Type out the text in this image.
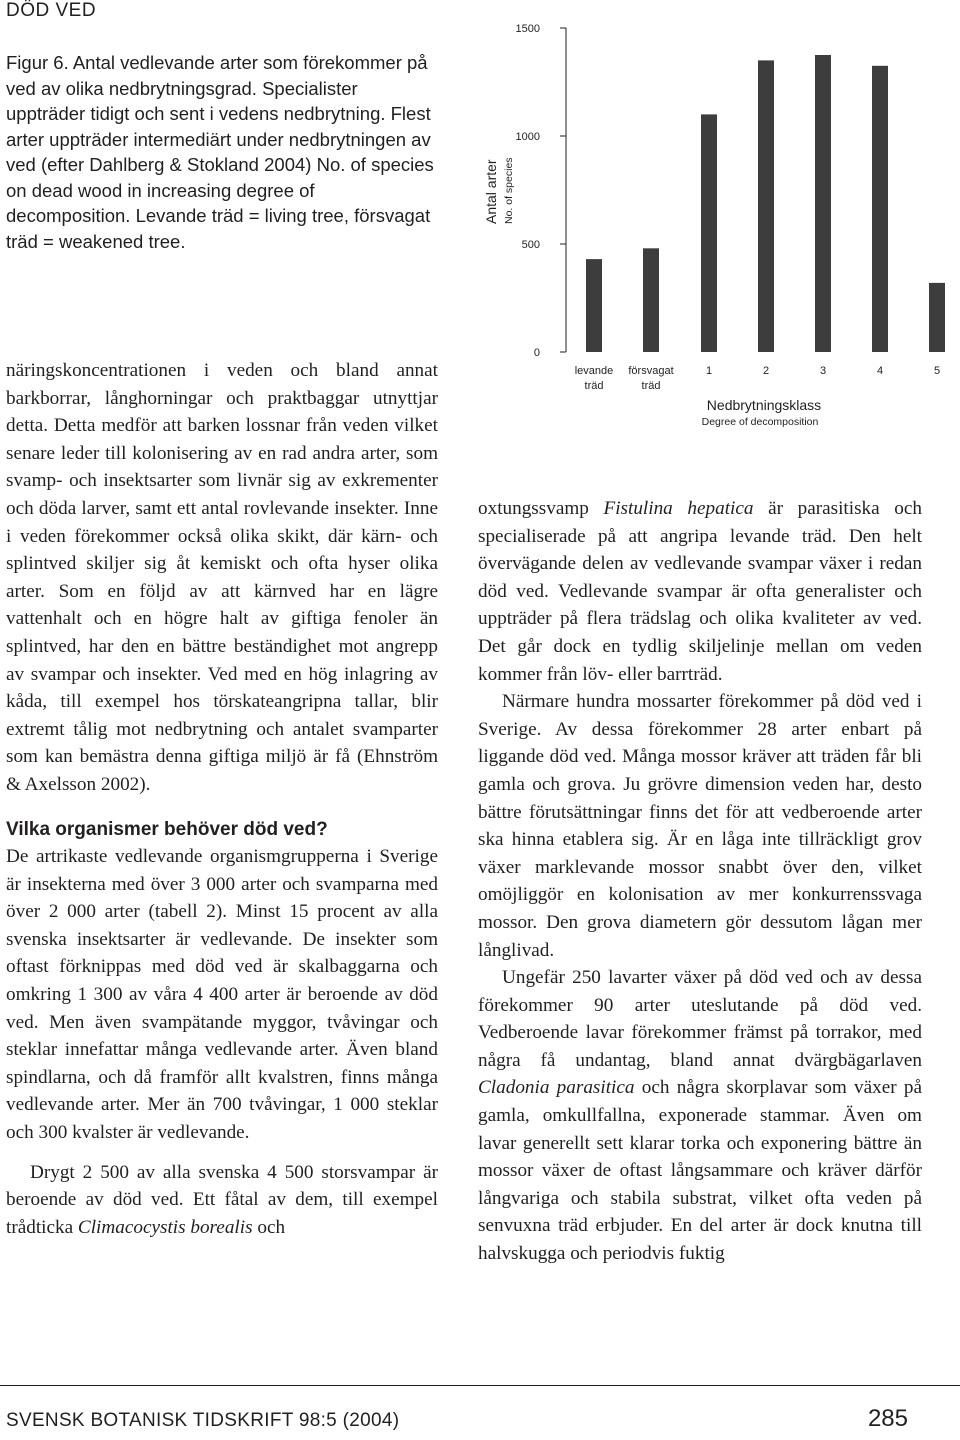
DÖD VED
Figur 6. Antal vedlevande arter som förekommer på ved av olika nedbrytningsgrad. Specialister uppträder tidigt och sent i vedens nedbrytning. Flest arter uppträder intermediärt under nedbrytningen av ved (efter Dahlberg & Stokland 2004) No. of species on dead wood in increasing degree of decomposition. Levande träd = living tree, försvagat träd = weakened tree.
0
500
1000
1500
Antal arter No. of species
levande
träd
försvagat
träd
1	2	3	4	5
Nedbrytningsklass
Degree of decomposition

näringskoncentrationen i veden och bland annat barkborrar, långhorningar och praktbaggar utnyttjar detta. Detta medför att barken lossnar från veden vilket senare leder till kolonisering av en rad andra arter, som svamp- och insektsarter som livnär sig av exkrementer och döda larver, samt ett antal rovlevande insekter. Inne i veden förekommer också olika skikt, där kärn- och splintved skiljer sig åt kemiskt och ofta hyser olika arter. Som en följd av att kärnved har en lägre vattenhalt och en högre halt av giftiga fenoler än splintved, har den en bättre beständighet mot angrepp av svampar och insekter. Ved med en hög inlagring av kåda, till exempel hos törskateangripna tallar, blir extremt tålig mot nedbrytning och antalet svamparter som kan bemästra denna giftiga miljö är få (Ehnström & Axelsson 2002).

Vilka organismer behöver död ved?

De artrikaste vedlevande organismgrupperna i Sverige är insekterna med över 3 000 arter och svamparna med över 2 000 arter (tabell 2). Minst 15 procent av alla svenska insektsarter är vedlevande. De insekter som oftast förknippas med död ved är skalbaggarna och omkring 1 300 av våra 4 400 arter är beroende av död ved. Men även svampätande myggor, tvåvingar och steklar innefattar många vedlevande arter. Även bland spindlarna, och då framför allt kvalstren, finns många vedlevande arter. Mer än 700 tvåvingar, 1 000 steklar och 300 kvalster är vedlevande.

Drygt 2 500 av alla svenska 4 500 storsvampar är beroende av död ved. Ett fåtal av dem, till exempel trådticka Climacocystis borealis och

oxtungssvamp Fistulina hepatica är parasitiska och specialiserade på att angripa levande träd. Den helt övervägande delen av vedlevande svampar växer i redan död ved. Vedlevande svampar är ofta generalister och uppträder på flera trädslag och olika kvaliteter av ved. Det går dock en tydlig skiljelinje mellan om veden kommer från löv- eller barrträd.

Närmare hundra mossarter förekommer på död ved i Sverige. Av dessa förekommer 28 arter enbart på liggande död ved. Många mossor kräver att träden får bli gamla och grova. Ju grövre dimension veden har, desto bättre förutsättningar finns det för att vedberoende arter ska hinna etablera sig. Är en låga inte tillräckligt grov växer marklevande mossor snabbt över den, vilket omöjliggör en kolonisation av mer konkurrenssvaga mossor. Den grova diametern gör dessutom lågan mer långlivad.

Ungefär 250 lavarter växer på död ved och av dessa förekommer 90 arter uteslutande på död ved. Vedberoende lavar förekommer främst på torrakor, med några få undantag, bland annat dvärgbägarlaven Cladonia parasitica och några skorplavar som växer på gamla, omkullfallna, exponerade stammar. Även om lavar generellt sett klarar torka och exponering bättre än mossor växer de oftast långsammare och kräver därför långvariga och stabila substrat, vilket ofta veden på senvuxna träd erbjuder. En del arter är dock knutna till halvskugga och periodvis fuktig

SVENSK BOTANISK TIDSKRIFT 98:5 (2004)	285
